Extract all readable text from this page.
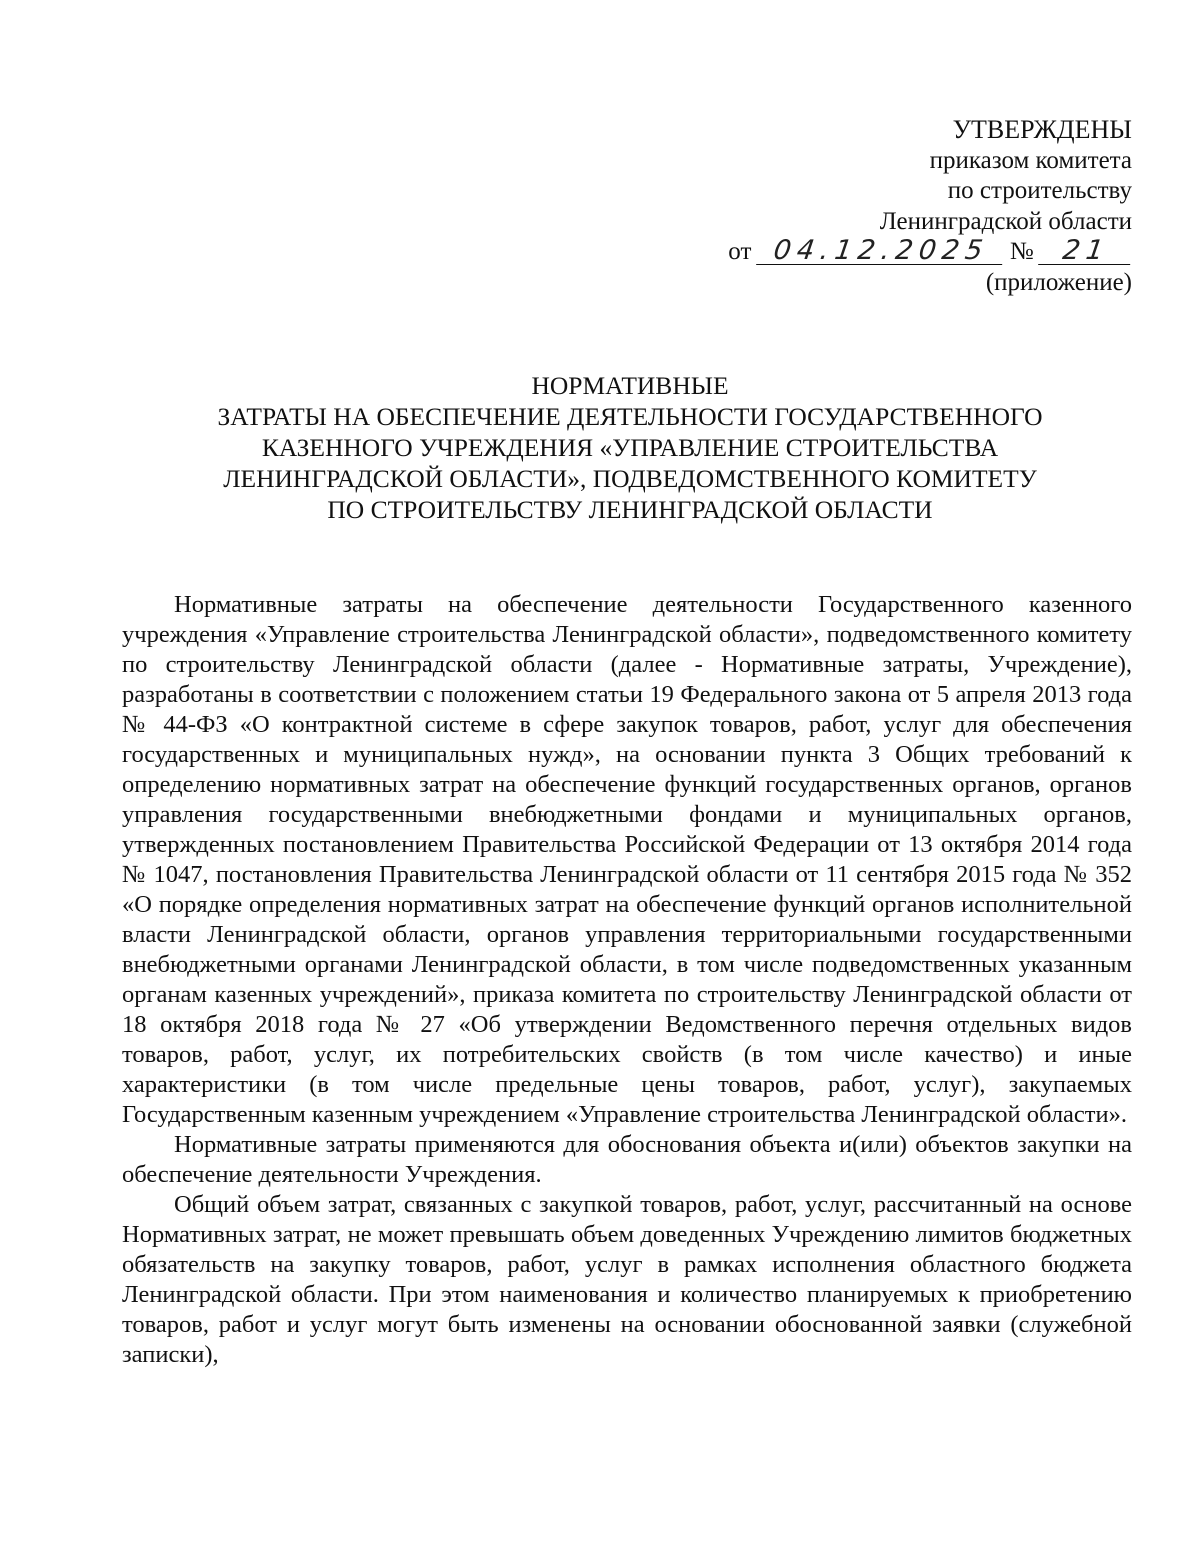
УТВЕРЖДЕНЫ
приказом комитета
по строительству
Ленинградской области
от 04.12.2025 № 21
(приложение)
НОРМАТИВНЫЕ
ЗАТРАТЫ НА ОБЕСПЕЧЕНИЕ ДЕЯТЕЛЬНОСТИ ГОСУДАРСТВЕННОГО
КАЗЕННОГО УЧРЕЖДЕНИЯ «УПРАВЛЕНИЕ СТРОИТЕЛЬСТВА
ЛЕНИНГРАДСКОЙ ОБЛАСТИ», ПОДВЕДОМСТВЕННОГО КОМИТЕТУ
ПО СТРОИТЕЛЬСТВУ ЛЕНИНГРАДСКОЙ ОБЛАСТИ

Нормативные затраты на обеспечение деятельности Государственного казенного учреждения «Управление строительства Ленинградской области», подведомственного комитету по строительству Ленинградской области (далее - Нормативные затраты, Учреждение), разработаны в соответствии с положением статьи 19 Федерального закона от 5 апреля 2013 года № 44-ФЗ «О контрактной системе в сфере закупок товаров, работ, услуг для обеспечения государственных и муниципальных нужд», на основании пункта 3 Общих требований к определению нормативных затрат на обеспечение функций государственных органов, органов управления государственными внебюджетными фондами и муниципальных органов, утвержденных постановлением Правительства Российской Федерации от 13 октября 2014 года № 1047, постановления Правительства Ленинградской области от 11 сентября 2015 года № 352 «О порядке определения нормативных затрат на обеспечение функций органов исполнительной власти Ленинградской области, органов управления территориальными государственными внебюджетными органами Ленинградской области, в том числе подведомственных указанным органам казенных учреждений», приказа комитета по строительству Ленинградской области от 18 октября 2018 года № 27 «Об утверждении Ведомственного перечня отдельных видов товаров, работ, услуг, их потребительских свойств (в том числе качество) и иные характеристики (в том числе предельные цены товаров, работ, услуг), закупаемых Государственным казенным учреждением «Управление строительства Ленинградской области».

Нормативные затраты применяются для обоснования объекта и(или) объектов закупки на обеспечение деятельности Учреждения.

Общий объем затрат, связанных с закупкой товаров, работ, услуг, рассчитанный на основе Нормативных затрат, не может превышать объем доведенных Учреждению лимитов бюджетных обязательств на закупку товаров, работ, услуг в рамках исполнения областного бюджета Ленинградской области. При этом наименования и количество планируемых к приобретению товаров, работ и услуг могут быть изменены на основании обоснованной заявки (служебной записки),
